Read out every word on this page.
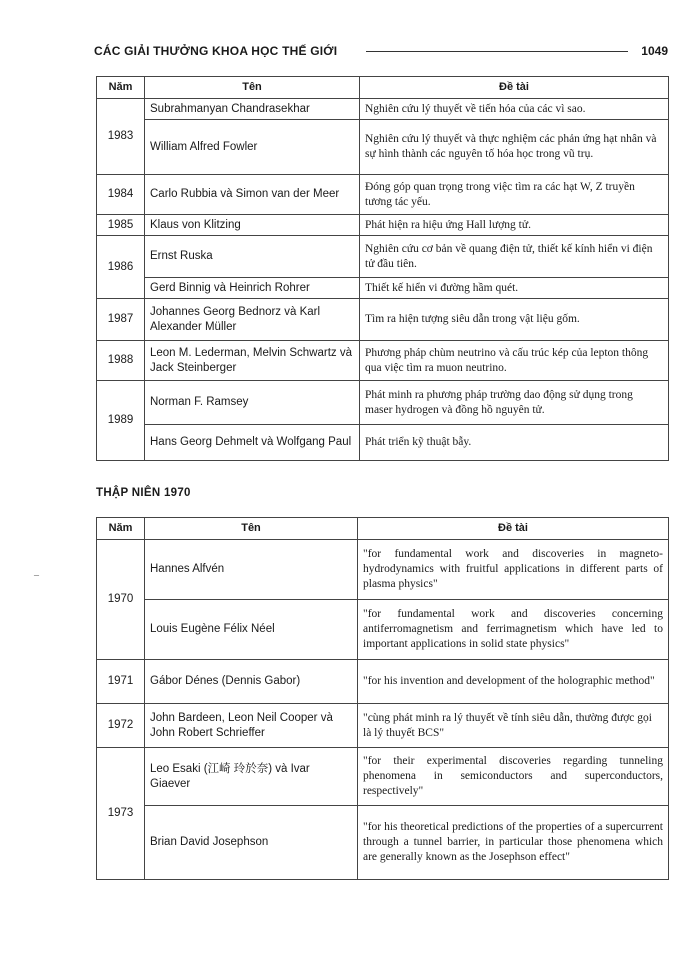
CÁC GIẢI THƯỞNG KHOA HỌC THẾ GIỚI	1049
Năm	Tên	Đề tài
1983	Subrahmanyan Chandrasekhar	Nghiên cứu lý thuyết về tiến hóa của các vì sao.
	William Alfred Fowler	Nghiên cứu lý thuyết và thực nghiệm các phản ứng hạt nhân và sự hình thành các nguyên tố hóa học trong vũ trụ.
1984	Carlo Rubbia và Simon van der Meer	Đóng góp quan trọng trong việc tìm ra các hạt W, Z truyền tương tác yếu.
1985	Klaus von Klitzing	Phát hiện ra hiệu ứng Hall lượng tử.
1986	Ernst Ruska	Nghiên cứu cơ bản về quang điện tử, thiết kế kính hiển vi điện tử đầu tiên.
	Gerd Binnig và Heinrich Rohrer	Thiết kế hiển vi đường hầm quét.
1987	Johannes Georg Bednorz và Karl Alexander Müller	Tìm ra hiện tượng siêu dẫn trong vật liệu gốm.
1988	Leon M. Lederman, Melvin Schwartz và Jack Steinberger	Phương pháp chùm neutrino và cấu trúc kép của lepton thông qua việc tìm ra muon neutrino.
1989	Norman F. Ramsey	Phát minh ra phương pháp trường dao động sử dụng trong maser hydrogen và đồng hồ nguyên tử.
	Hans Georg Dehmelt và Wolfgang Paul	Phát triển kỹ thuật bẫy.
THẬP NIÊN 1970
–
Năm	Tên	Đề tài
1970	Hannes Alfvén	"for fundamental work and discoveries in magneto-hydrodynamics with fruitful applications in different parts of plasma physics"
	Louis Eugène Félix Néel	"for fundamental work and discoveries concerning antiferromagnetism and ferrimagnetism which have led to important applications in solid state physics"
1971	Gábor Dénes (Dennis Gabor)	"for his invention and development of the holographic method"
1972	John Bardeen, Leon Neil Cooper và John Robert Schrieffer	"cùng phát minh ra lý thuyết về tính siêu dẫn, thường được gọi là lý thuyết BCS"
1973	Leo Esaki (江崎 玲於奈) và Ivar Giaever	"for their experimental discoveries regarding tunneling phenomena in semiconductors and superconductors, respectively"
	Brian David Josephson	"for his theoretical predictions of the properties of a supercurrent through a tunnel barrier, in particular those phenomena which are generally known as the Josephson effect"
